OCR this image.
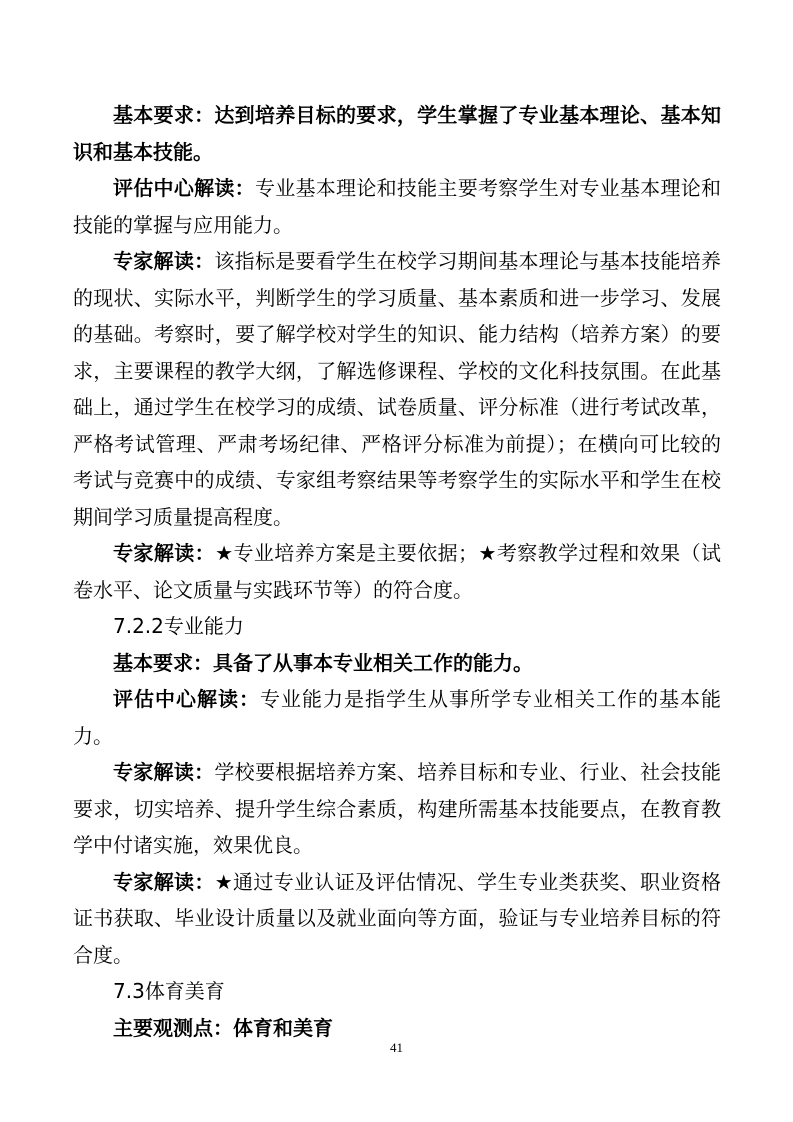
基本要求：达到培养目标的要求，学生掌握了专业基本理论、基本知识和基本技能。

评估中心解读：专业基本理论和技能主要考察学生对专业基本理论和技能的掌握与应用能力。

专家解读：该指标是要看学生在校学习期间基本理论与基本技能培养的现状、实际水平，判断学生的学习质量、基本素质和进一步学习、发展的基础。考察时，要了解学校对学生的知识、能力结构（培养方案）的要求，主要课程的教学大纲，了解选修课程、学校的文化科技氛围。在此基础上，通过学生在校学习的成绩、试卷质量、评分标准（进行考试改革，严格考试管理、严肃考场纪律、严格评分标准为前提）；在横向可比较的考试与竞赛中的成绩、专家组考察结果等考察学生的实际水平和学生在校期间学习质量提高程度。

专家解读：★专业培养方案是主要依据；★考察教学过程和效果（试卷水平、论文质量与实践环节等）的符合度。

7.2.2专业能力

基本要求：具备了从事本专业相关工作的能力。

评估中心解读：专业能力是指学生从事所学专业相关工作的基本能力。

专家解读：学校要根据培养方案、培养目标和专业、行业、社会技能要求，切实培养、提升学生综合素质，构建所需基本技能要点，在教育教学中付诸实施，效果优良。

专家解读：★通过专业认证及评估情况、学生专业类获奖、职业资格证书获取、毕业设计质量以及就业面向等方面，验证与专业培养目标的符合度。

7.3体育美育

主要观测点：体育和美育

41
